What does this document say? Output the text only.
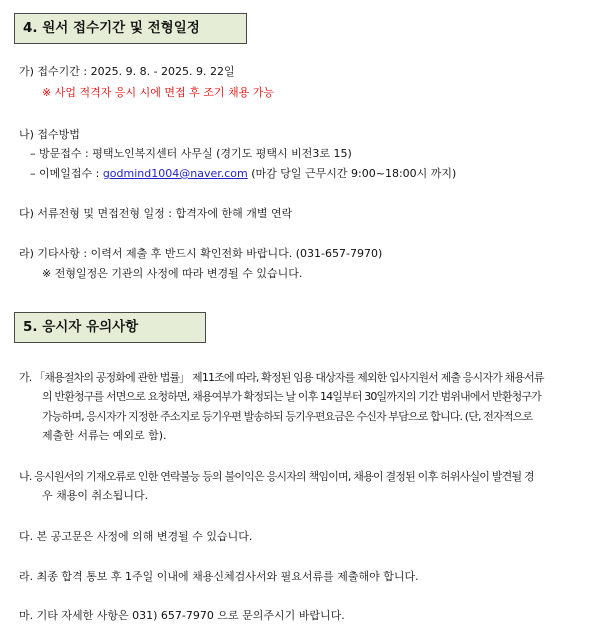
4. 원서 접수기간 및 전형일정
가) 접수기간 : 2025. 9. 8. - 2025. 9. 22일
※ 사업 적격자 응시 시에 면접 후 조기 채용 가능
나) 접수방법
– 방문접수 : 평택노인복지센터 사무실 (경기도 평택시 비전3로 15)
– 이메일접수 : godmind1004@naver.com (마감 당일 근무시간 9:00~18:00시 까지)
다) 서류전형 및 면접전형 일정 : 합격자에 한해 개별 연락
라) 기타사항 : 이력서 제출 후 반드시 확인전화 바랍니다. (031-657-7970)
※ 전형일정은 기관의 사정에 따라 변경될 수 있습니다.
5. 응시자 유의사항
가. 「채용절차의 공정화에 관한 법률」 제11조에 따라, 확정된 임용 대상자를 제외한 입사지원서 제출 응시자가 채용서류
의 반환청구를 서면으로 요청하면, 채용여부가 확정되는 날 이후 14일부터 30일까지의 기간 범위내에서 반환청구가
가능하며, 응시자가 지정한 주소지로 등기우편 발송하되 등기우편요금은 수신자 부담으로 합니다. (단, 전자적으로
제출한 서류는 예외로 함).
나. 응시원서의 기재오류로 인한 연락불능 등의 불이익은 응시자의 책임이며, 채용이 결정된 이후 허위사실이 발견될 경
우 채용이 취소됩니다.
다. 본 공고문은 사정에 의해 변경될 수 있습니다.
라. 최종 합격 통보 후 1주일 이내에 채용신체검사서와 필요서류를 제출해야 합니다.
마. 기타 자세한 사항은 031) 657-7970 으로 문의주시기 바랍니다.
